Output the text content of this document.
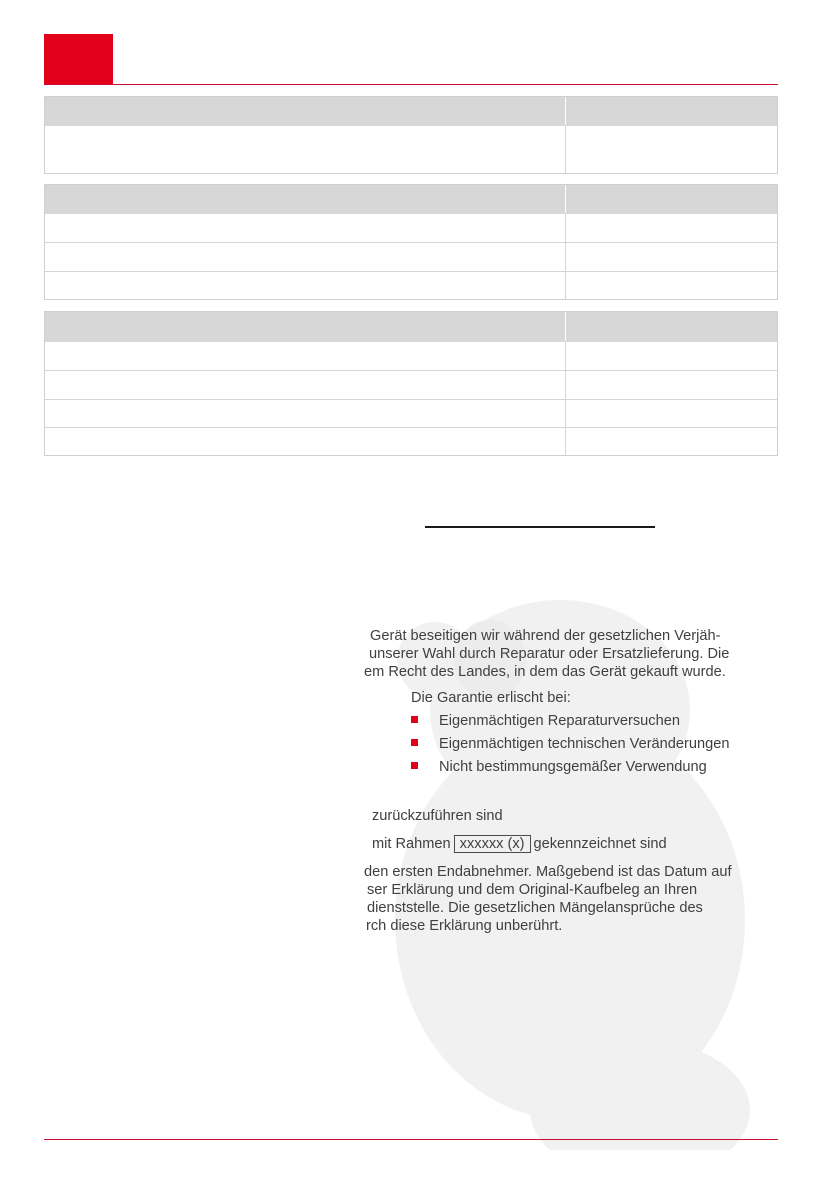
Gerät beseitigen wir während der gesetzlichen Verjäh-
unserer Wahl durch Reparatur oder Ersatzlieferung. Die
em Recht des Landes, in dem das Gerät gekauft wurde.
Die Garantie erlischt bei:
Eigenmächtigen Reparaturversuchen
Eigenmächtigen technischen Veränderungen
Nicht bestimmungsgemäßer Verwendung
zurückzuführen sind
mit Rahmen xxxxxx (x) gekennzeichnet sind
den ersten Endabnehmer. Maßgebend ist das Datum auf
ser Erklärung und dem Original-Kaufbeleg an Ihren
dienststelle. Die gesetzlichen Mängelansprüche des
rch diese Erklärung unberührt.
